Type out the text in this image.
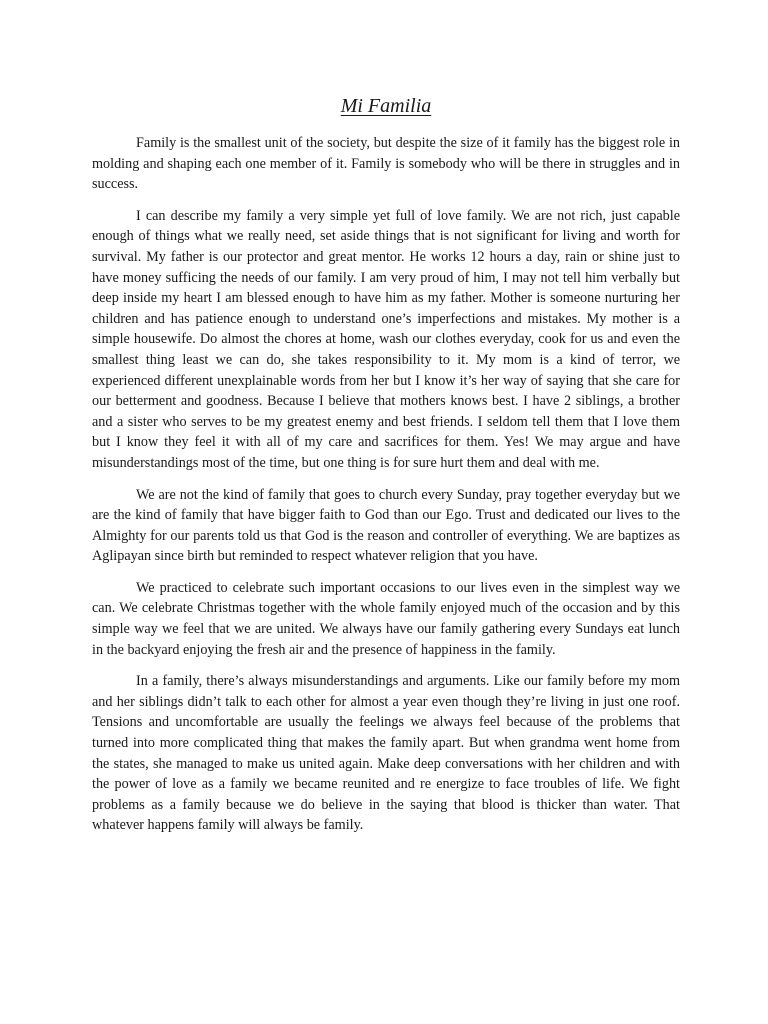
Mi Familia

Family is the smallest unit of the society, but despite the size of it family has the biggest role in molding and shaping each one member of it. Family is somebody who will be there in struggles and in success.

I can describe my family a very simple yet full of love family. We are not rich, just capable enough of things what we really need, set aside things that is not significant for living and worth for survival. My father is our protector and great mentor. He works 12 hours a day, rain or shine just to have money sufficing the needs of our family. I am very proud of him, I may not tell him verbally but deep inside my heart I am blessed enough to have him as my father. Mother is someone nurturing her children and has patience enough to understand one’s imperfections and mistakes. My mother is a simple housewife. Do almost the chores at home, wash our clothes everyday, cook for us and even the smallest thing least we can do, she takes responsibility to it. My mom is a kind of terror, we experienced different unexplainable words from her but I know it’s her way of saying that she care for our betterment and goodness. Because I believe that mothers knows best. I have 2 siblings, a brother and a sister who serves to be my greatest enemy and best friends. I seldom tell them that I love them but I know they feel it with all of my care and sacrifices for them. Yes! We may argue and have misunderstandings most of the time, but one thing is for sure hurt them and deal with me.

We are not the kind of family that goes to church every Sunday, pray together everyday but we are the kind of family that have bigger faith to God than our Ego. Trust and dedicated our lives to the Almighty for our parents told us that God is the reason and controller of everything. We are baptizes as Aglipayan since birth but reminded to respect whatever religion that you have.

We practiced to celebrate such important occasions to our lives even in the simplest way we can. We celebrate Christmas together with the whole family enjoyed much of the occasion and by this simple way we feel that we are united. We always have our family gathering every Sundays eat lunch in the backyard enjoying the fresh air and the presence of happiness in the family.

In a family, there’s always misunderstandings and arguments. Like our family before my mom and her siblings didn’t talk to each other for almost a year even though they’re living in just one roof. Tensions and uncomfortable are usually the feelings we always feel because of the problems that turned into more complicated thing that makes the family apart. But when grandma went home from the states, she managed to make us united again. Make deep conversations with her children and with the power of love as a family we became reunited and re energize to face troubles of life. We fight problems as a family because we do believe in the saying that blood is thicker than water. That whatever happens family will always be family.
